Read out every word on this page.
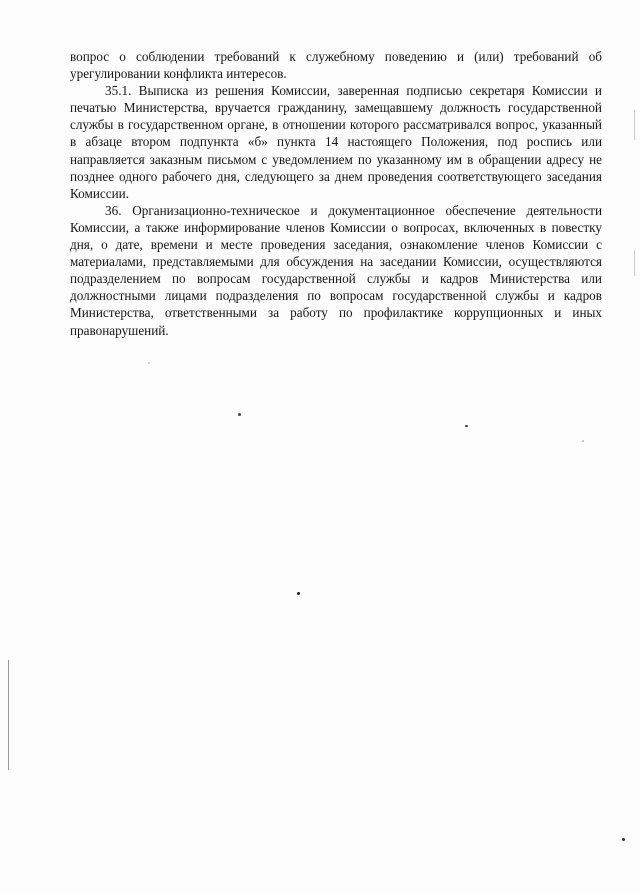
вопрос о соблюдении требований к служебному поведению и (или) требований об урегулировании конфликта интересов.

35.1. Выписка из решения Комиссии, заверенная подписью секретаря Комиссии и печатью Министерства, вручается гражданину, замещавшему должность государственной службы в государственном органе, в отношении которого рассматривался вопрос, указанный в абзаце втором подпункта «б» пункта 14 настоящего Положения, под роспись или направляется заказным письмом с уведомлением по указанному им в обращении адресу не позднее одного рабочего дня, следующего за днем проведения соответствующего заседания Комиссии.

36. Организационно-техническое и документационное обеспечение деятельности Комиссии, а также информирование членов Комиссии о вопросах, включенных в повестку дня, о дате, времени и месте проведения заседания, ознакомление членов Комиссии с материалами, представляемыми для обсуждения на заседании Комиссии, осуществляются подразделением по вопросам государственной службы и кадров Министерства или должностными лицами подразделения по вопросам государственной службы и кадров Министерства, ответственными за работу по профилактике коррупционных и иных правонарушений.
